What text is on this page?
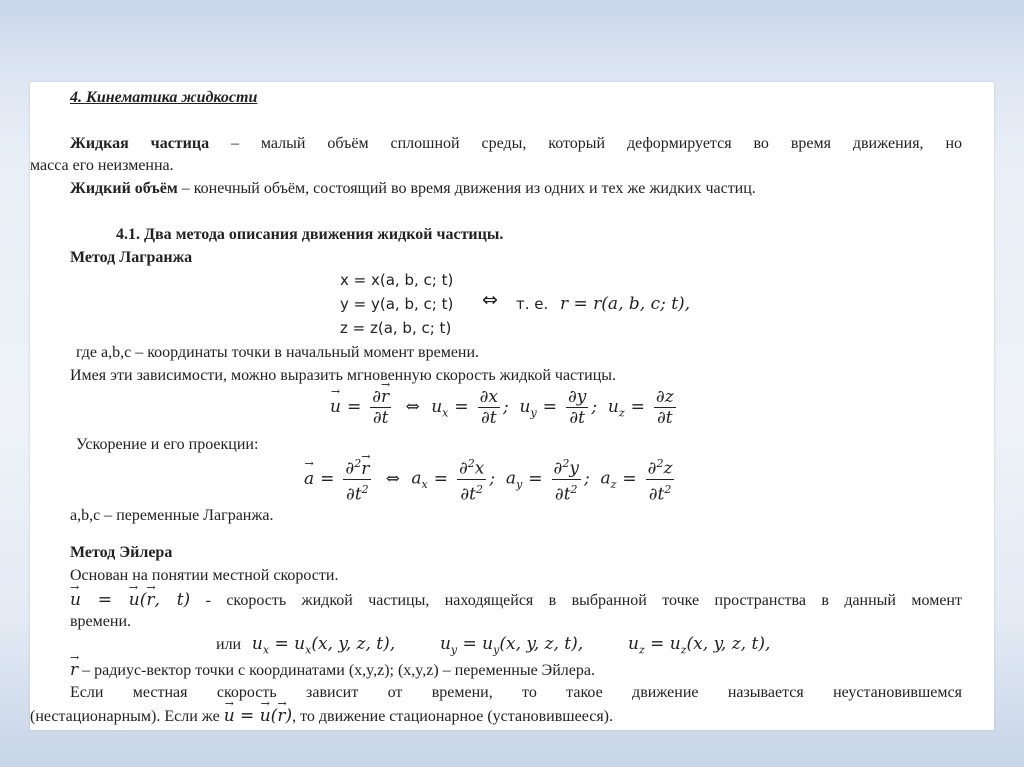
4. Кинематика жидкости
Жидкая частица – малый объём сплошной среды, который деформируется во время движения, но
масса его неизменна.
Жидкий объём – конечный объём, состоящий во время движения из одних и тех же жидких частиц.
4.1. Два метода описания движения жидкой частицы.
Метод Лагранжа
x = x(a, b, c; t)
y = y(a, b, c; t)
z = z(a, b, c; t)
⇔ т. е. r = r(a, b, c; t),
где a,b,c – координаты точки в начальный момент времени.
Имея эти зависимости, можно выразить мгновенную скорость жидкой частицы.
→ $u = \frac{\partial\to r}{\partial t}$ ⇔ $u_x = \frac{\partial x}{\partial t}$ ;  $u_y = \frac{\partial y}{\partial t}$ ;  $u_z = \frac{\partial z}{\partial t}$
Ускорение и его проекции:
→ $a = \frac{\partial^2\to r}{\partial t^2}$ ⇔ $a_x = \frac{\partial^2x}{\partial t^2}$ ;  $a_y = \frac{\partial^2y}{\partial t^2}$ ;  $a_z = \frac{\partial^2z}{\partial t^2}$
a,b,c – переменные Лагранжа.
Метод Эйлера
Основан на понятии местной скорости.
→ u = → u(→ r, t) - скорость жидкой частицы, находящейся в выбранной точке пространства в данный момент
времени.
или  $u_x = u_x(x$, y, z, t),  $u_y = u_y(x$, y, z, t),  $u_z = u_z(x$, y, z, t),
→ r – радиус-вектор точки с координатами (x,y,z); (x,y,z) – переменные Эйлера.
Если местная скорость зависит от времени, то такое движение называется неустановившемся
(нестационарным). Если же → u = → u(→ r), то движение стационарное (установившееся).
